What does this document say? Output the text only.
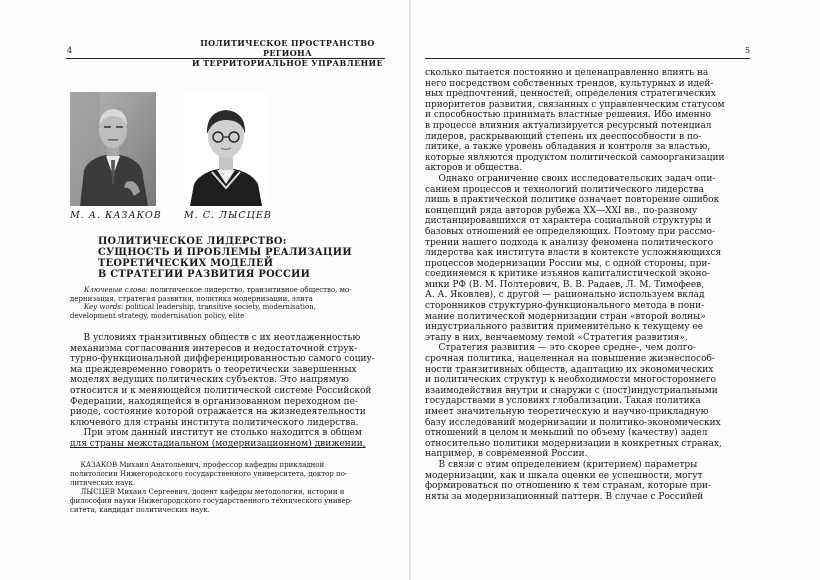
4
ПОЛИТИЧЕСКОЕ ПРОСТРАНСТВО РЕГИОНА
И ТЕРРИТОРИАЛЬНОЕ УПРАВЛЕНИЕ
5
М. А. КАЗАКОВ М. С. ЛЫСЦЕВ
ПОЛИТИЧЕСКОЕ ЛИДЕРСТВО:
СУЩНОСТЬ И ПРОБЛЕМЫ РЕАЛИЗАЦИИ
ТЕОРЕТИЧЕСКИХ МОДЕЛЕЙ
В СТРАТЕГИИ РАЗВИТИЯ РОССИИ
  Ключевые слова: политическое лидерство, транзитивное общество, мо-
дернизация, стратегия развития, политика модернизации, элита
  Key words: political leadership, transitive society, modernisation,
development strategy, modernisation policy, elite
  В условиях транзитивных обществ с их неотлаженностью
механизма согласования интересов и недостаточной струк-
турно-функциональной дифференцированностью самого социу-
ма преждевременно говорить о теоретически завершенных
моделях ведущих политических субъектов. Это напрямую
относится и к меняющейся политической системе Российской
Федерации, находящейся в организованном переходном пе-
риоде, состояние которой отражается на жизнедеятельности
ключевого для страны института политического лидерства.
  При этом данный институт не столько находится в общем
для страны межстадиальном (модернизационном) движении,
  КАЗАКОВ Михаил Анатольевич, профессор кафедры прикладной
политологии Нижегородского государственного университета, доктор по-
литических наук.
  ЛЫСЦЕВ Михаил Сергеевич, доцент кафедры методологии, истории и
философии науки Нижегородского государственного технического универ-
ситета, кандидат политических наук.
сколько пытается постоянно и целенаправленно влиять на
него посредством собственных трендов, культурных и идей-
ных предпочтений, ценностей, определения стратегических
приоритетов развития, связанных с управленческим статусом
и способностью принимать властные решения. Ибо именно
в процессе влияния актуализируется ресурсный потенциал
лидеров, раскрывающий степень их дееспособности в по-
литике, а также уровень обладания и контроля за властью,
которые являются продуктом политической самоорганизации
акторов и общества.
  Однако ограничение своих исследовательских задач опи-
санием процессов и технологий политического лидерства
лишь в практической политике означает повторение ошибок
концепций ряда авторов рубежа XX—XXI вв., по-разному
дистанцировавшихся от характера социальной структуры и
базовых отношений ее определяющих. Поэтому при рассмо-
трении нашего подхода к анализу феномена политического
лидерства как института власти в контексте усложняющихся
процессов модернизации России мы, с одной стороны, при-
соединяемся к критике изъянов капиталистической эконо-
мики РФ (В. М. Полтерович, В. В. Радаев, Л. М. Тимофеев,
А. А. Яковлев), с другой — рационально используем вклад
сторонников структурно-функционального метода в пони-
мание политической модернизации стран «второй волны»
индустриального развития применительно к текущему ее
этапу в них, венчаемому темой «Стратегия развития».
  Стратегия развития — это скорее средне-, чем долго-
срочная политика, нацеленная на повышение жизнеспособ-
ности транзитивных обществ, адаптацию их экономических
и политических структур к необходимости многостороннего
взаимодействия внутри и снаружи с (пост)индустриальными
государствами в условиях глобализации. Такая политика
имеет значительную теоретическую и научно-прикладную
базу исследований модернизации и политико-экономических
отношений в целом и меньший по объему (качеству) задел
относительно политики модернизации в конкретных странах,
например, в современной России.
  В связи с этим определением (критерием) параметры
модернизации, как и шкала оценки ее успешности, могут
формироваться по отношению к тем странам, которые при-
няты за модернизационный паттерн. В случае с Российей
